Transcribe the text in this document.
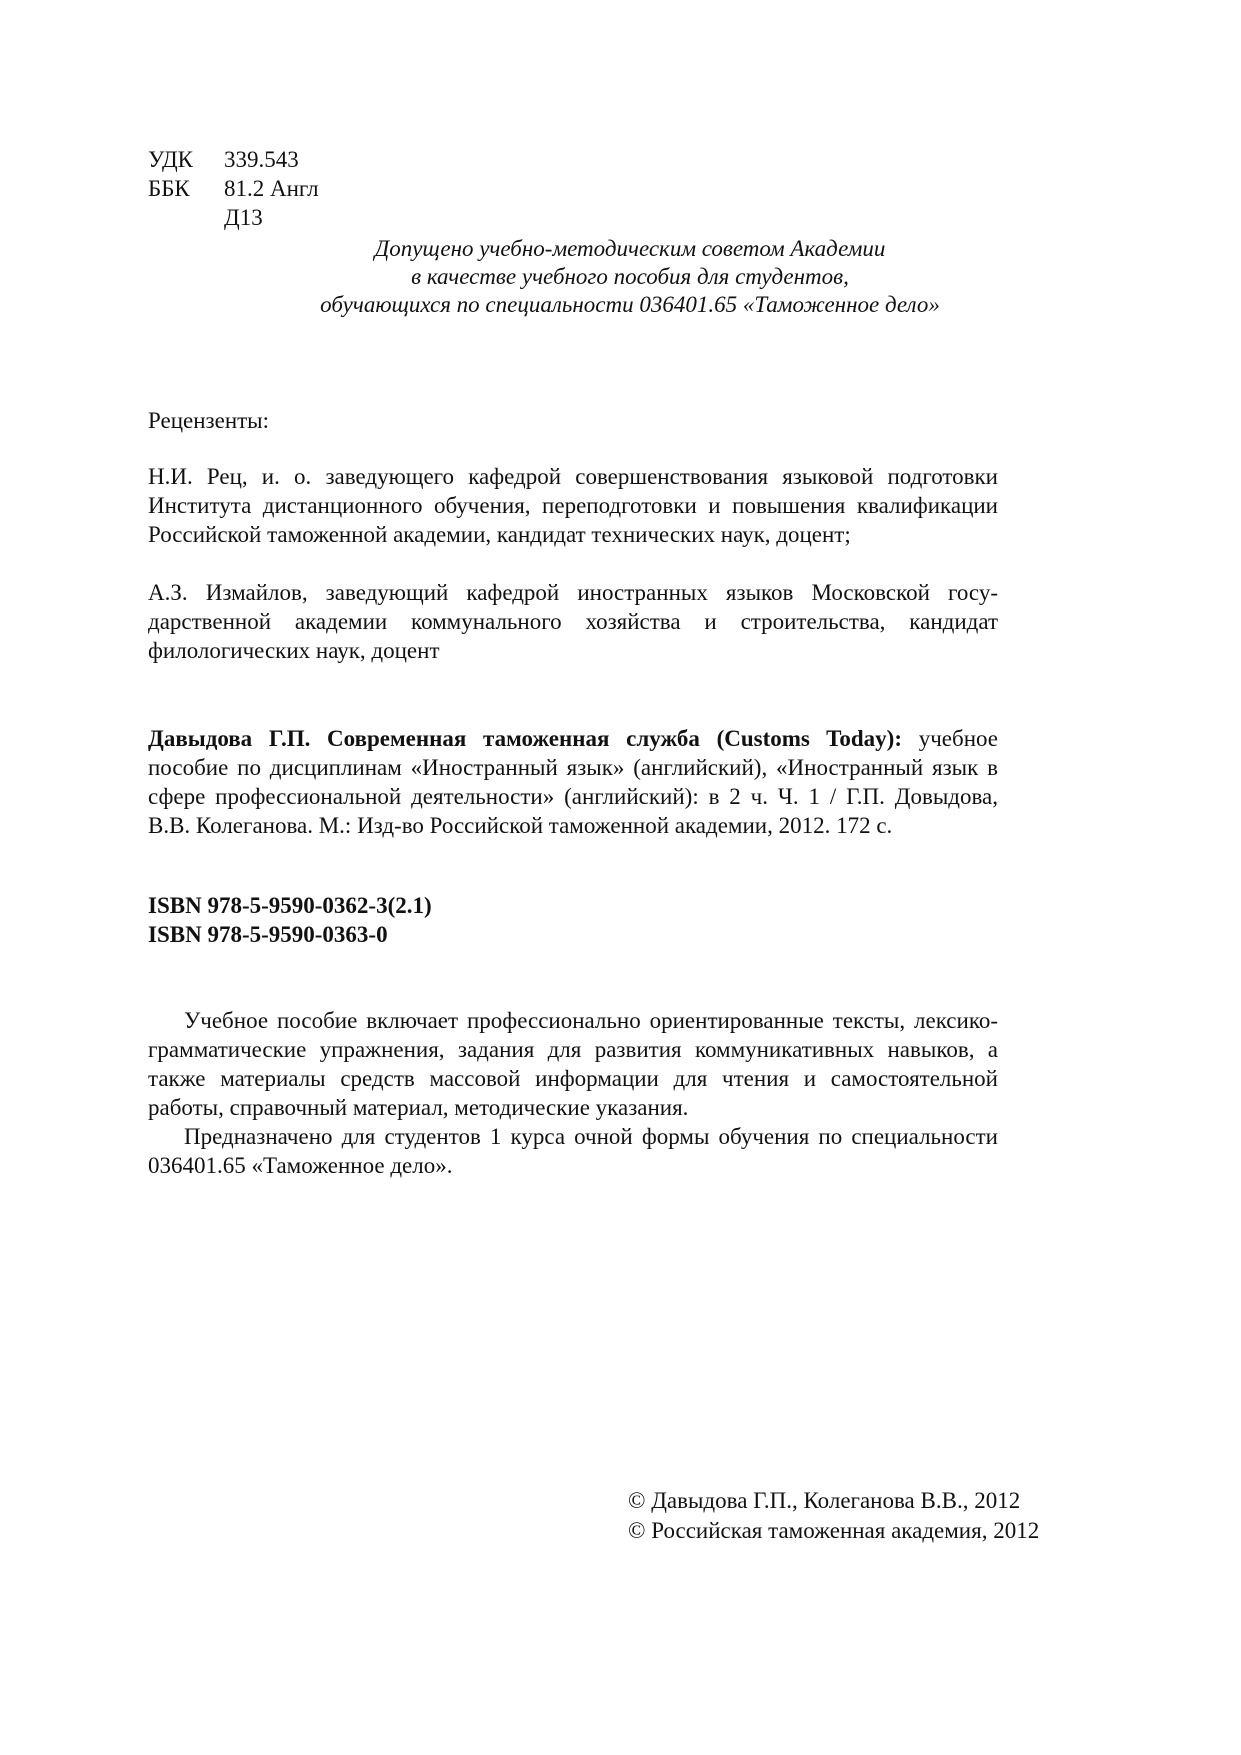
УДК	339.543
ББК	81.2 Англ
Д13
Допущено учебно-методическим советом Академии
в качестве учебного пособия для студентов,
обучающихся по специальности 036401.65 «Таможенное дело»

Рецензенты:

Н.И. Рец, и. о. заведующего кафедрой совершенствования языковой подготовки Института дистанционного обучения, переподготовки и повышения квалификации Российской таможенной академии, кандидат технических наук, доцент;

А.З. Измайлов, заведующий кафедрой иностранных языков Московской государственной академии коммунального хозяйства и строительства, кандидат филологических наук, доцент

Давыдова Г.П. Современная таможенная служба (Customs Today): учебное пособие по дисциплинам «Иностранный язык» (английский), «Иностранный язык в сфере профессиональной деятельности» (английский): в 2 ч. Ч. 1 / Г.П. Довыдова, В.В. Колеганова. М.: Изд-во Российской таможенной академии, 2012. 172 с.

ISBN 978-5-9590-0362-3(2.1)
ISBN 978-5-9590-0363-0

Учебное пособие включает профессионально ориентированные тексты, лексико-грамматические упражнения, задания для развития коммуникативных навыков, а также материалы средств массовой информации для чтения и самостоятельной работы, справочный материал, методические указания.

Предназначено для студентов 1 курса очной формы обучения по специальности 036401.65 «Таможенное дело».

© Давыдова Г.П., Колеганова В.В., 2012
© Российская таможенная академия, 2012
